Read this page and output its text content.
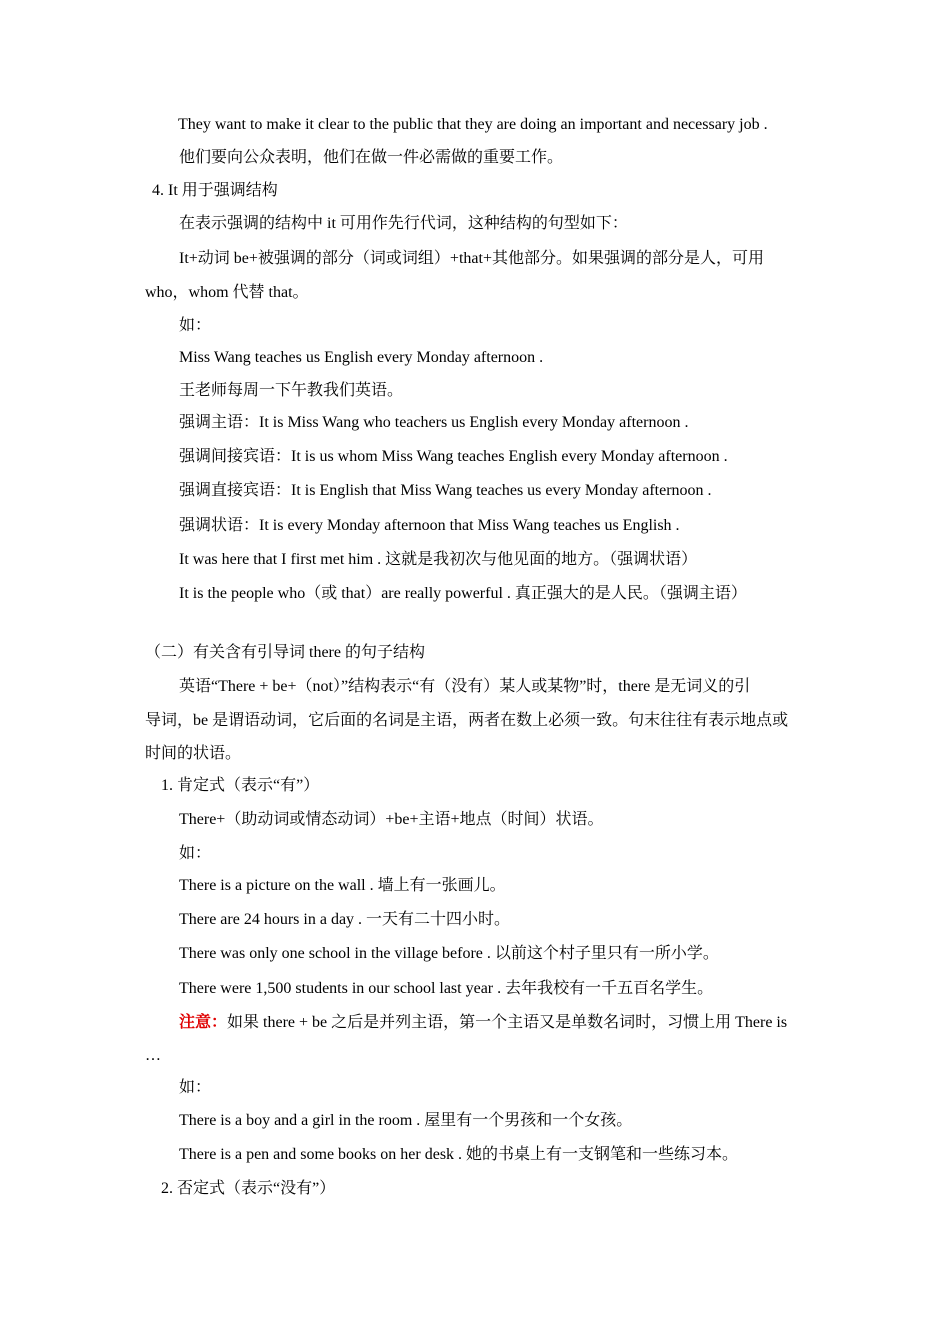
They want to make it clear to the public that they are doing an important and necessary job .
他们要向公众表明，他们在做一件必需做的重要工作。
4. It 用于强调结构
在表示强调的结构中 it 可用作先行代词，这种结构的句型如下：
It+动词 be+被强调的部分（词或词组）+that+其他部分。如果强调的部分是人，可用
who，whom 代替 that。
如：
Miss Wang teaches us English every Monday afternoon .
王老师每周一下午教我们英语。
强调主语：It is Miss Wang who teachers us English every Monday afternoon .
强调间接宾语：It is us whom Miss Wang teaches English every Monday afternoon .
强调直接宾语：It is English that Miss Wang teaches us every Monday afternoon .
强调状语：It is every Monday afternoon that Miss Wang teaches us English .
It was here that I first met him . 这就是我初次与他见面的地方。（强调状语）
It is the people who（或 that）are really powerful . 真正强大的是人民。（强调主语）
（二）有关含有引导词 there 的句子结构
英语“There + be+（not）”结构表示“有（没有）某人或某物”时，there 是无词义的引
导词，be 是谓语动词，它后面的名词是主语，两者在数上必须一致。句末往往有表示地点或
时间的状语。
1. 肯定式（表示“有”）
There+（助动词或情态动词）+be+主语+地点（时间）状语。
如：
There is a picture on the wall . 墙上有一张画儿。
There are 24 hours in a day . 一天有二十四小时。
There was only one school in the village before . 以前这个村子里只有一所小学。
There were 1,500 students in our school last year . 去年我校有一千五百名学生。
注意：如果 there + be 之后是并列主语，第一个主语又是单数名词时，习惯上用 There is
…
如：
There is a boy and a girl in the room . 屋里有一个男孩和一个女孩。
There is a pen and some books on her desk . 她的书桌上有一支钢笔和一些练习本。
2. 否定式（表示“没有”）
